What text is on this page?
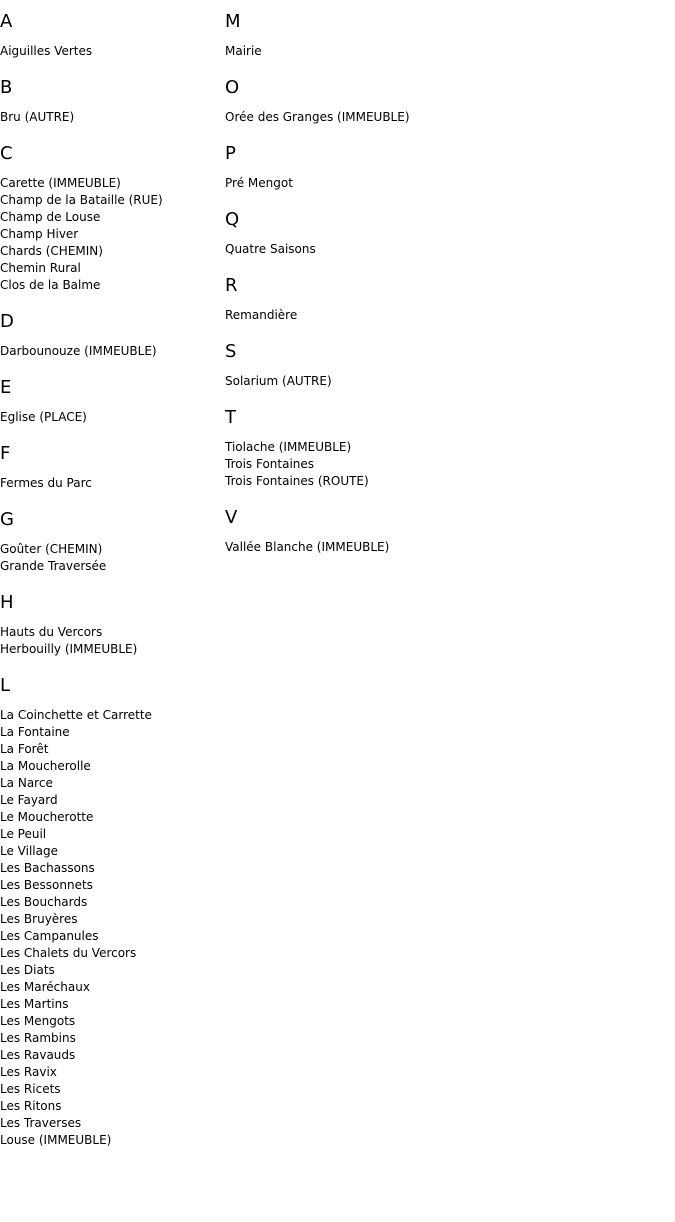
A
Aiguilles Vertes
B
Bru (AUTRE)
C
Carette (IMMEUBLE)
Champ de la Bataille (RUE)
Champ de Louse
Champ Hiver
Chards (CHEMIN)
Chemin Rural
Clos de la Balme
D
Darbounouze (IMMEUBLE)
E
Eglise (PLACE)
F
Fermes du Parc
G
Goûter (CHEMIN)
Grande Traversée
H
Hauts du Vercors
Herbouilly (IMMEUBLE)
L
La Coinchette et Carrette
La Fontaine
La Forêt
La Moucherolle
La Narce
Le Fayard
Le Moucherotte
Le Peuil
Le Village
Les Bachassons
Les Bessonnets
Les Bouchards
Les Bruyères
Les Campanules
Les Chalets du Vercors
Les Diats
Les Maréchaux
Les Martins
Les Mengots
Les Rambins
Les Ravauds
Les Ravix
Les Ricets
Les Ritons
Les Traverses
Louse (IMMEUBLE)
M
Mairie
O
Orée des Granges (IMMEUBLE)
P
Pré Mengot
Q
Quatre Saisons
R
Remandière
S
Solarium (AUTRE)
T
Tiolache (IMMEUBLE)
Trois Fontaines
Trois Fontaines (ROUTE)
V
Vallée Blanche (IMMEUBLE)
